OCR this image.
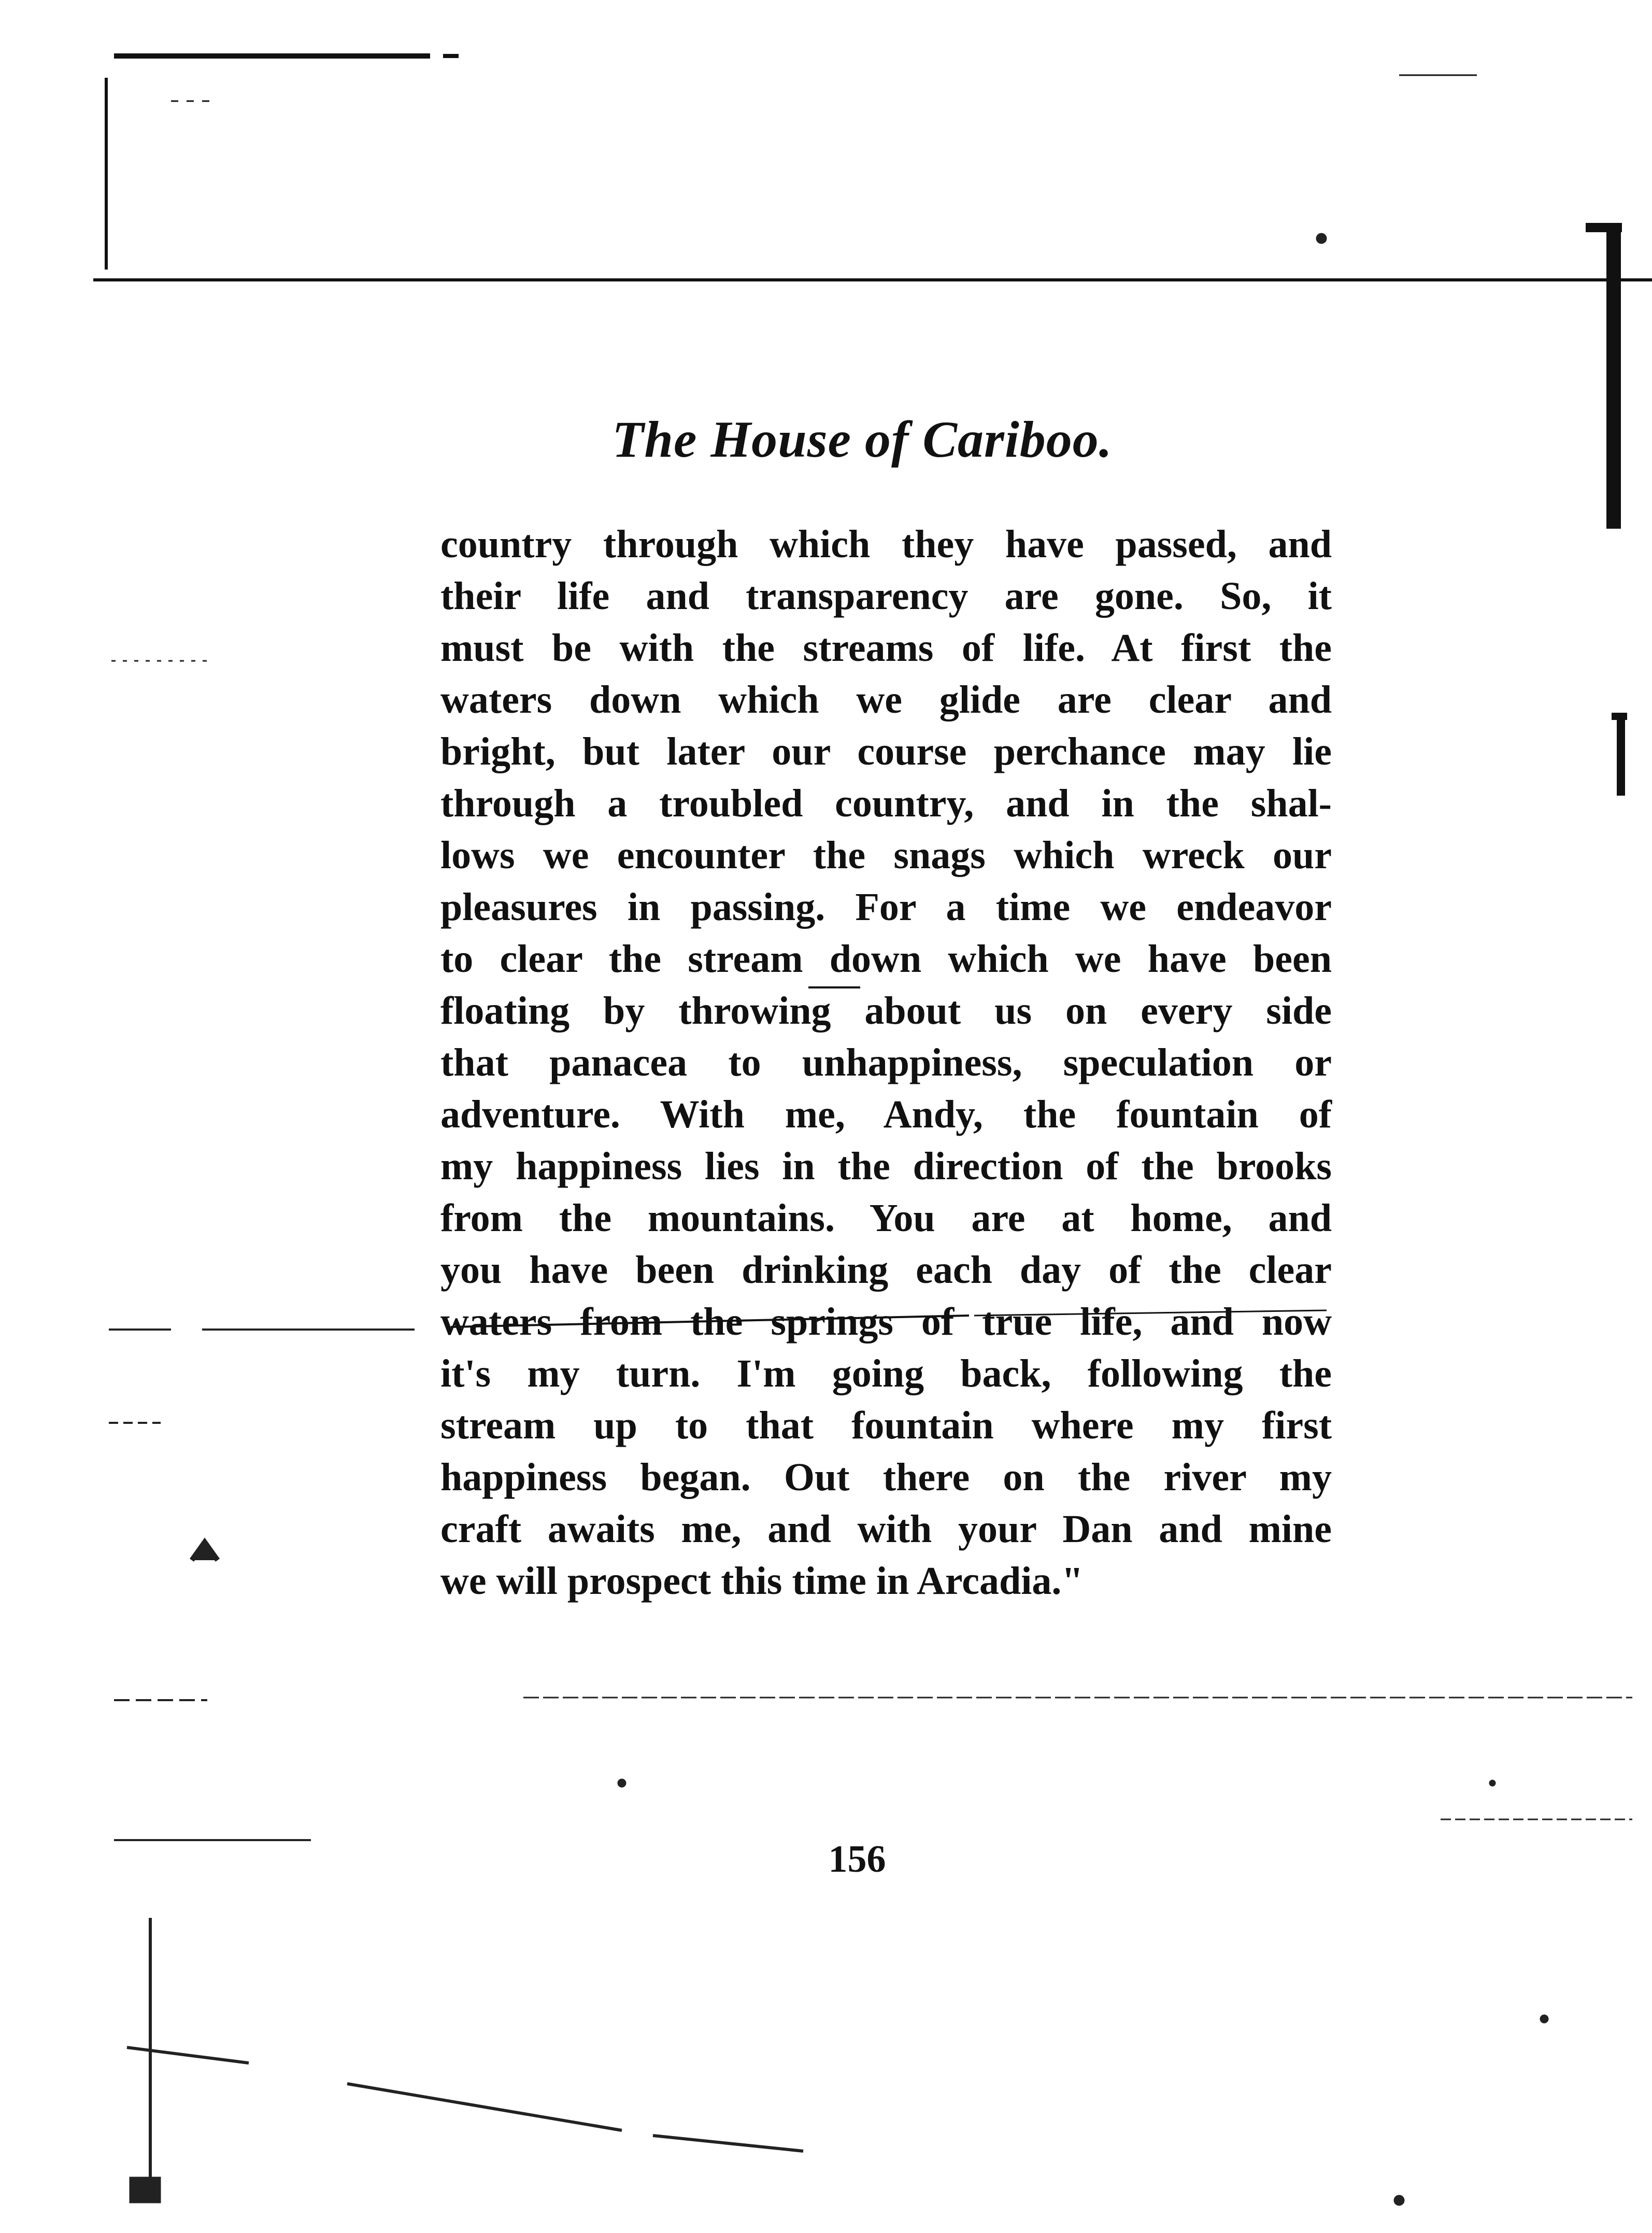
The House of Cariboo.
country through which they have passed, and
their life and transparency are gone. So, it
must be with the streams of life. At first the
waters down which we glide are clear and
bright, but later our course perchance may lie
through a troubled country, and in the shal-
lows we encounter the snags which wreck our
pleasures in passing. For a time we endeavor
to clear the stream down which we have been
floating by throwing about us on every side
that panacea to unhappiness, speculation or
adventure. With me, Andy, the fountain of
my happiness lies in the direction of the brooks
from the mountains. You are at home, and
you have been drinking each day of the clear
waters from the springs of true life, and now
it's my turn. I'm going back, following the
stream up to that fountain where my first
happiness began. Out there on the river my
craft awaits me, and with your Dan and mine
we will prospect this time in Arcadia."
156
